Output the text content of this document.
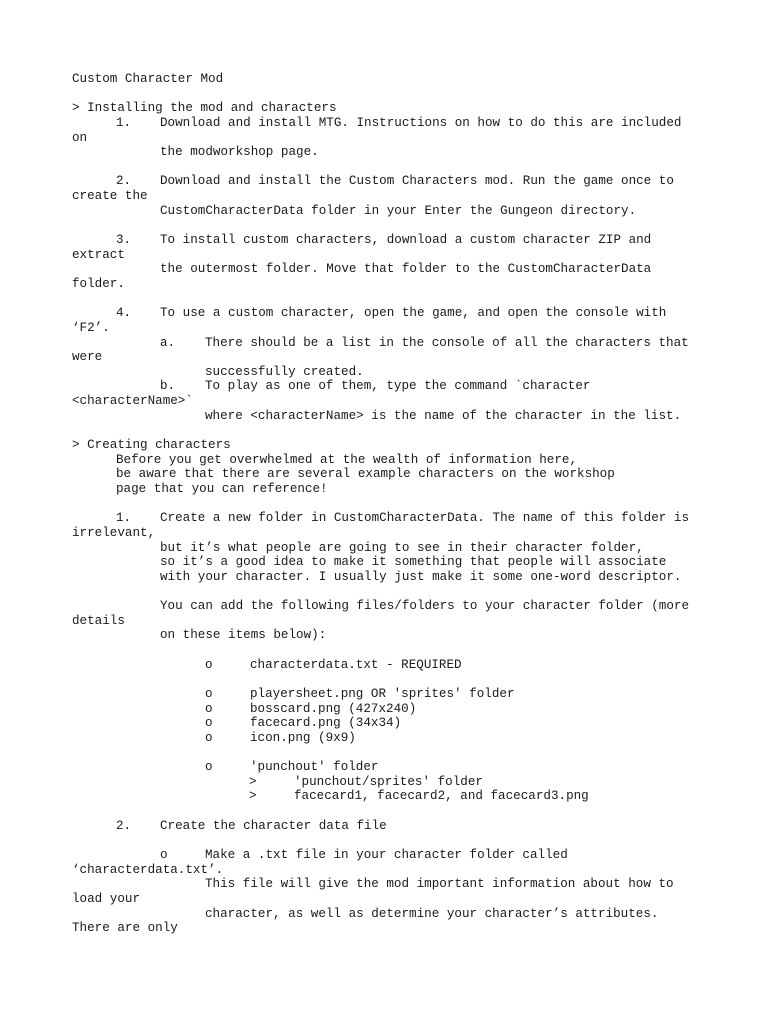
Custom Character Mod
> Installing the mod and characters
1. Download and install MTG. Instructions on how to do this are included
on
the modworkshop page.
2. Download and install the Custom Characters mod. Run the game once to
create the
CustomCharacterData folder in your Enter the Gungeon directory.
3. To install custom characters, download a custom character ZIP and
extract
the outermost folder. Move that folder to the CustomCharacterData
folder.
4. To use a custom character, open the game, and open the console with
‘F2’.
a. There should be a list in the console of all the characters that
were
successfully created.
b. To play as one of them, type the command `character
<characterName>`
where <characterName> is the name of the character in the list.
> Creating characters
Before you get overwhelmed at the wealth of information here,
be aware that there are several example characters on the workshop
page that you can reference!
1. Create a new folder in CustomCharacterData. The name of this folder is
irrelevant,
but it’s what people are going to see in their character folder,
so it’s a good idea to make it something that people will associate
with your character. I usually just make it some one-word descriptor.
You can add the following files/folders to your character folder (more
details
on these items below):
o	characterdata.txt - REQUIRED
o	playersheet.png OR 'sprites' folder
o	bosscard.png (427x240)
o	facecard.png (34x34)
o	icon.png (9x9)
o	'punchout' folder
>	'punchout/sprites' folder
>	facecard1, facecard2, and facecard3.png
2. Create the character data file
o	Make a .txt file in your character folder called
‘characterdata.txt’.
This file will give the mod important information about how to
load your
character, as well as determine your character’s attributes.
There are only
